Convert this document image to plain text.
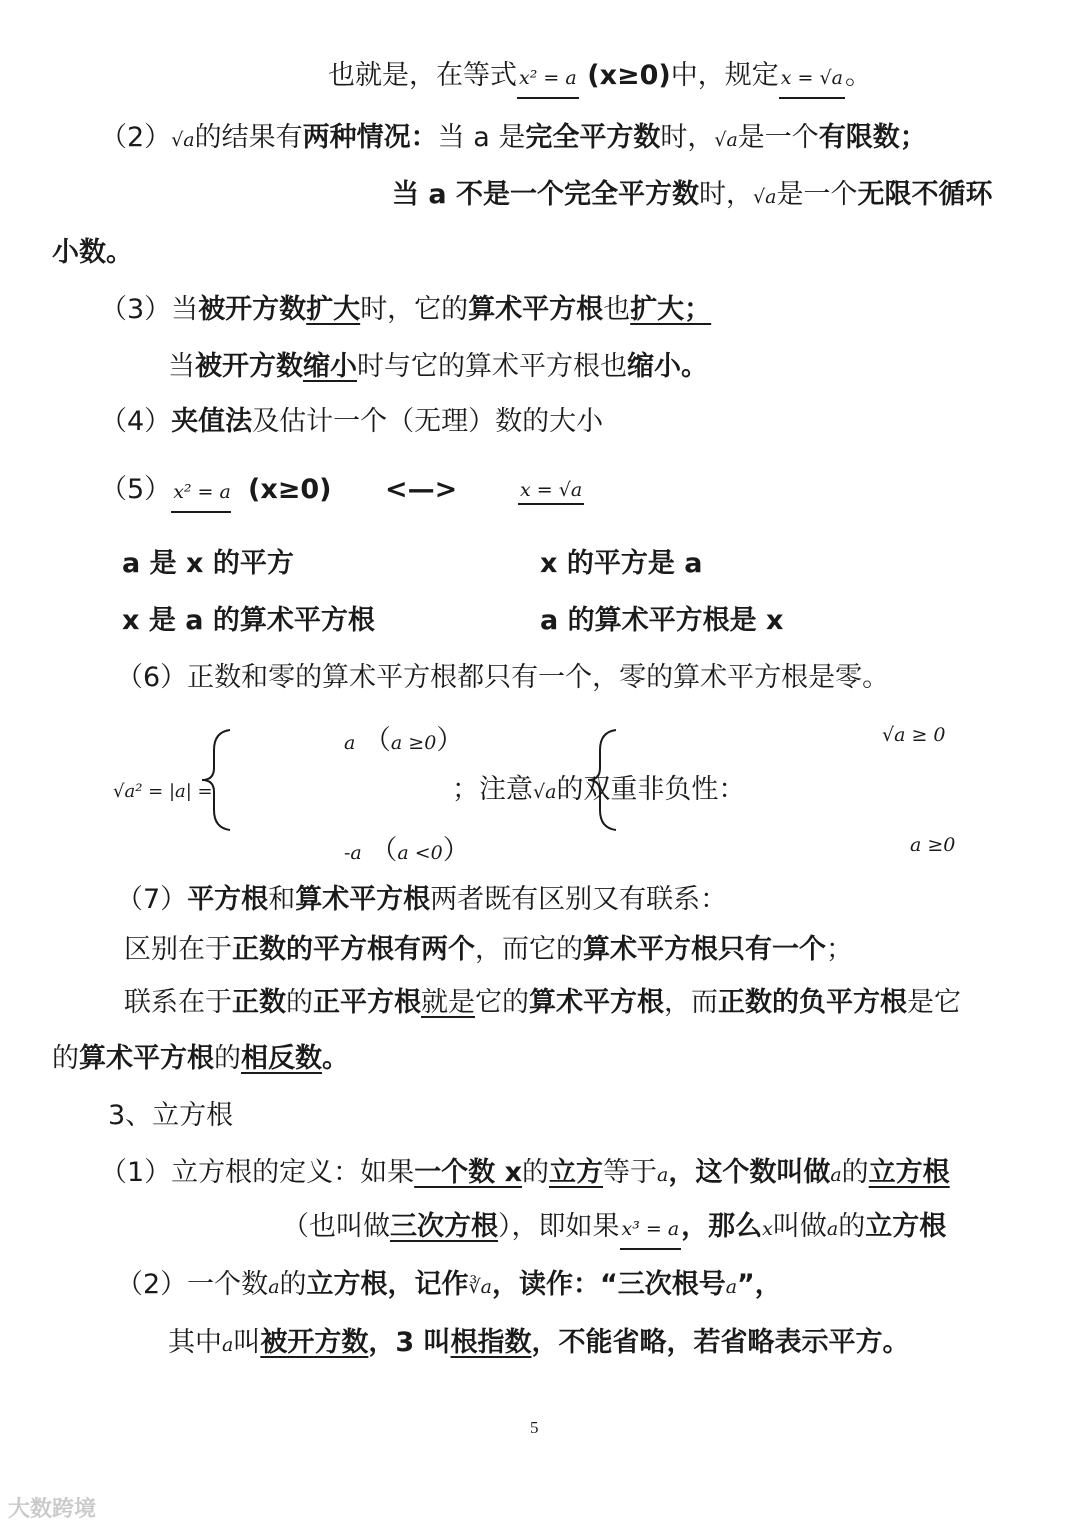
也就是，在等式 x² = a (x≥0)中，规定 x = √a。
（2）√a的结果有两种情况：当 a 是完全平方数时，√a是一个有限数；
当 a 不是一个完全平方数时，√a是一个无限不循环
小数。
（3）当被开方数扩大时，它的算术平方根也扩大；
当被开方数缩小时与它的算术平方根也缩小。
（4）夹值法及估计一个（无理）数的大小
（5） x² = a (x≥0) <—>	x = √a
a 是 x 的平方	x 的平方是 a
x 是 a 的算术平方根	a 的算术平方根是 x
（6）正数和零的算术平方根都只有一个，零的算术平方根是零。
√a² = |a| =
a （a ≥0）
-a （a <0）
；注意√a的双重非负性：
√a ≥ 0
a ≥0
（7）平方根和算术平方根两者既有区别又有联系：
区别在于正数的平方根有两个，而它的算术平方根只有一个；
联系在于正数的正平方根就是它的算术平方根，而正数的负平方根是它
的算术平方根的相反数。
3、立方根
（1）立方根的定义：如果一个数 x的立方等于a，这个数叫做a的立方根
（也叫做三次方根），即如果 x³ = a，那么x叫做a的立方根
（2）一个数a的立方根，记作∛a，读作：“三次根号a”，
其中a叫被开方数，3 叫根指数，不能省略，若省略表示平方。
5
大数跨境
